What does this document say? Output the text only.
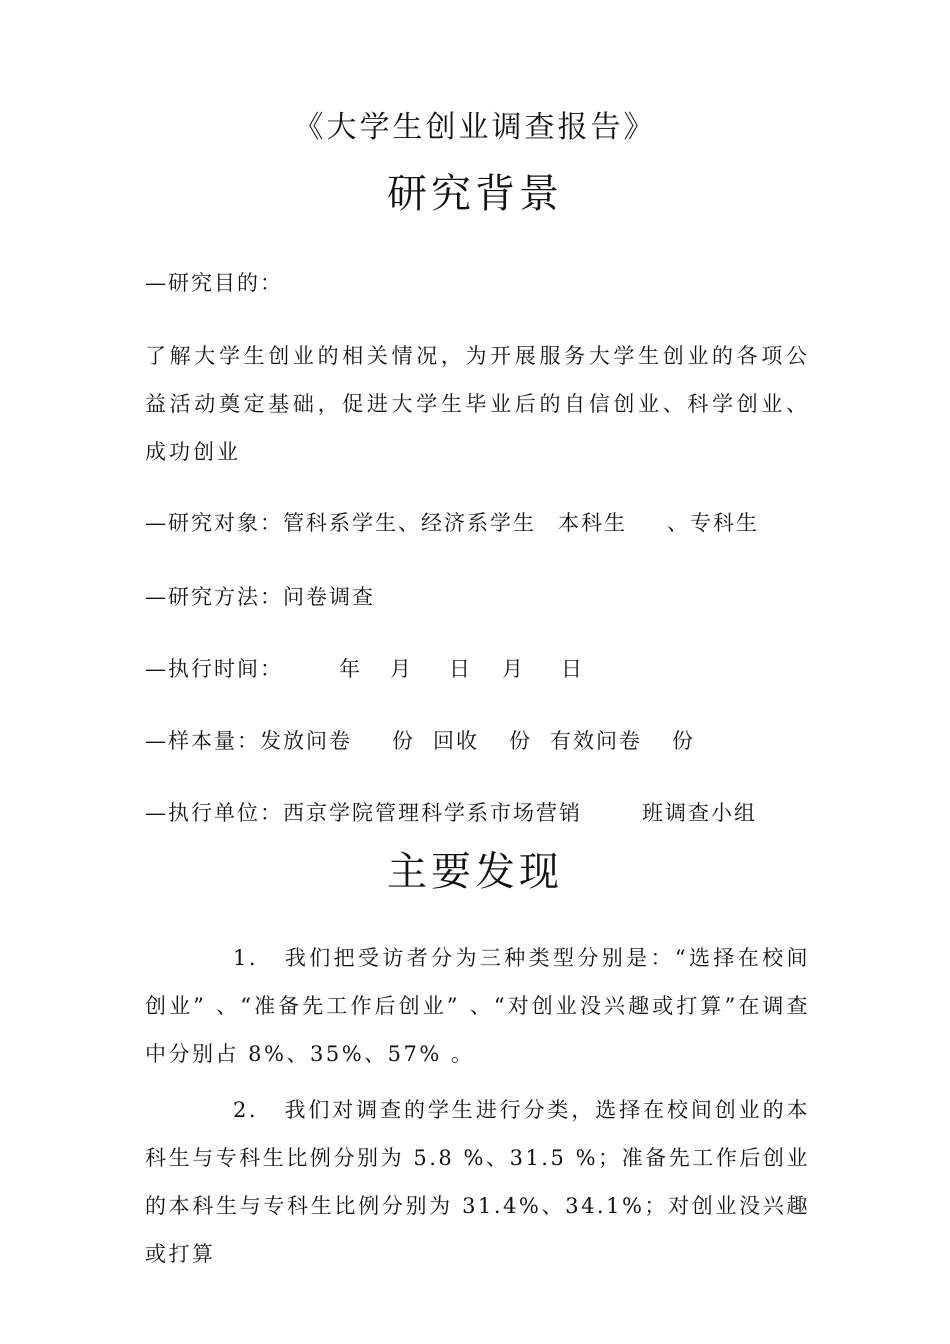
《大学生创业调查报告》
研究背景
—研究目的：
了解大学生创业的相关情况，为开展服务大学生创业的各项公益活动奠定基础，促进大学生毕业后的自信创业、科学创业、成功创业
—研究对象：管科系学生、经济系学生 本科生 、专科生
—研究方法：问卷调查
—执行时间：	年 月 日 月 日
—样本量：发放问卷 份 回收 份 有效问卷 份
—执行单位：西京学院管理科学系市场营销	班调查小组
主要发现
1. 我们把受访者分为三种类型分别是：“选择在校间创业” 、“准备先工作后创业” 、“对创业没兴趣或打算”在调查中分别占 8%、35%、57% 。
2. 我们对调查的学生进行分类，选择在校间创业的本科生与专科生比例分别为 5.8 %、31.5 %；准备先工作后创业的本科生与专科生比例分别为 31.4%、34.1%；对创业没兴趣或打算
